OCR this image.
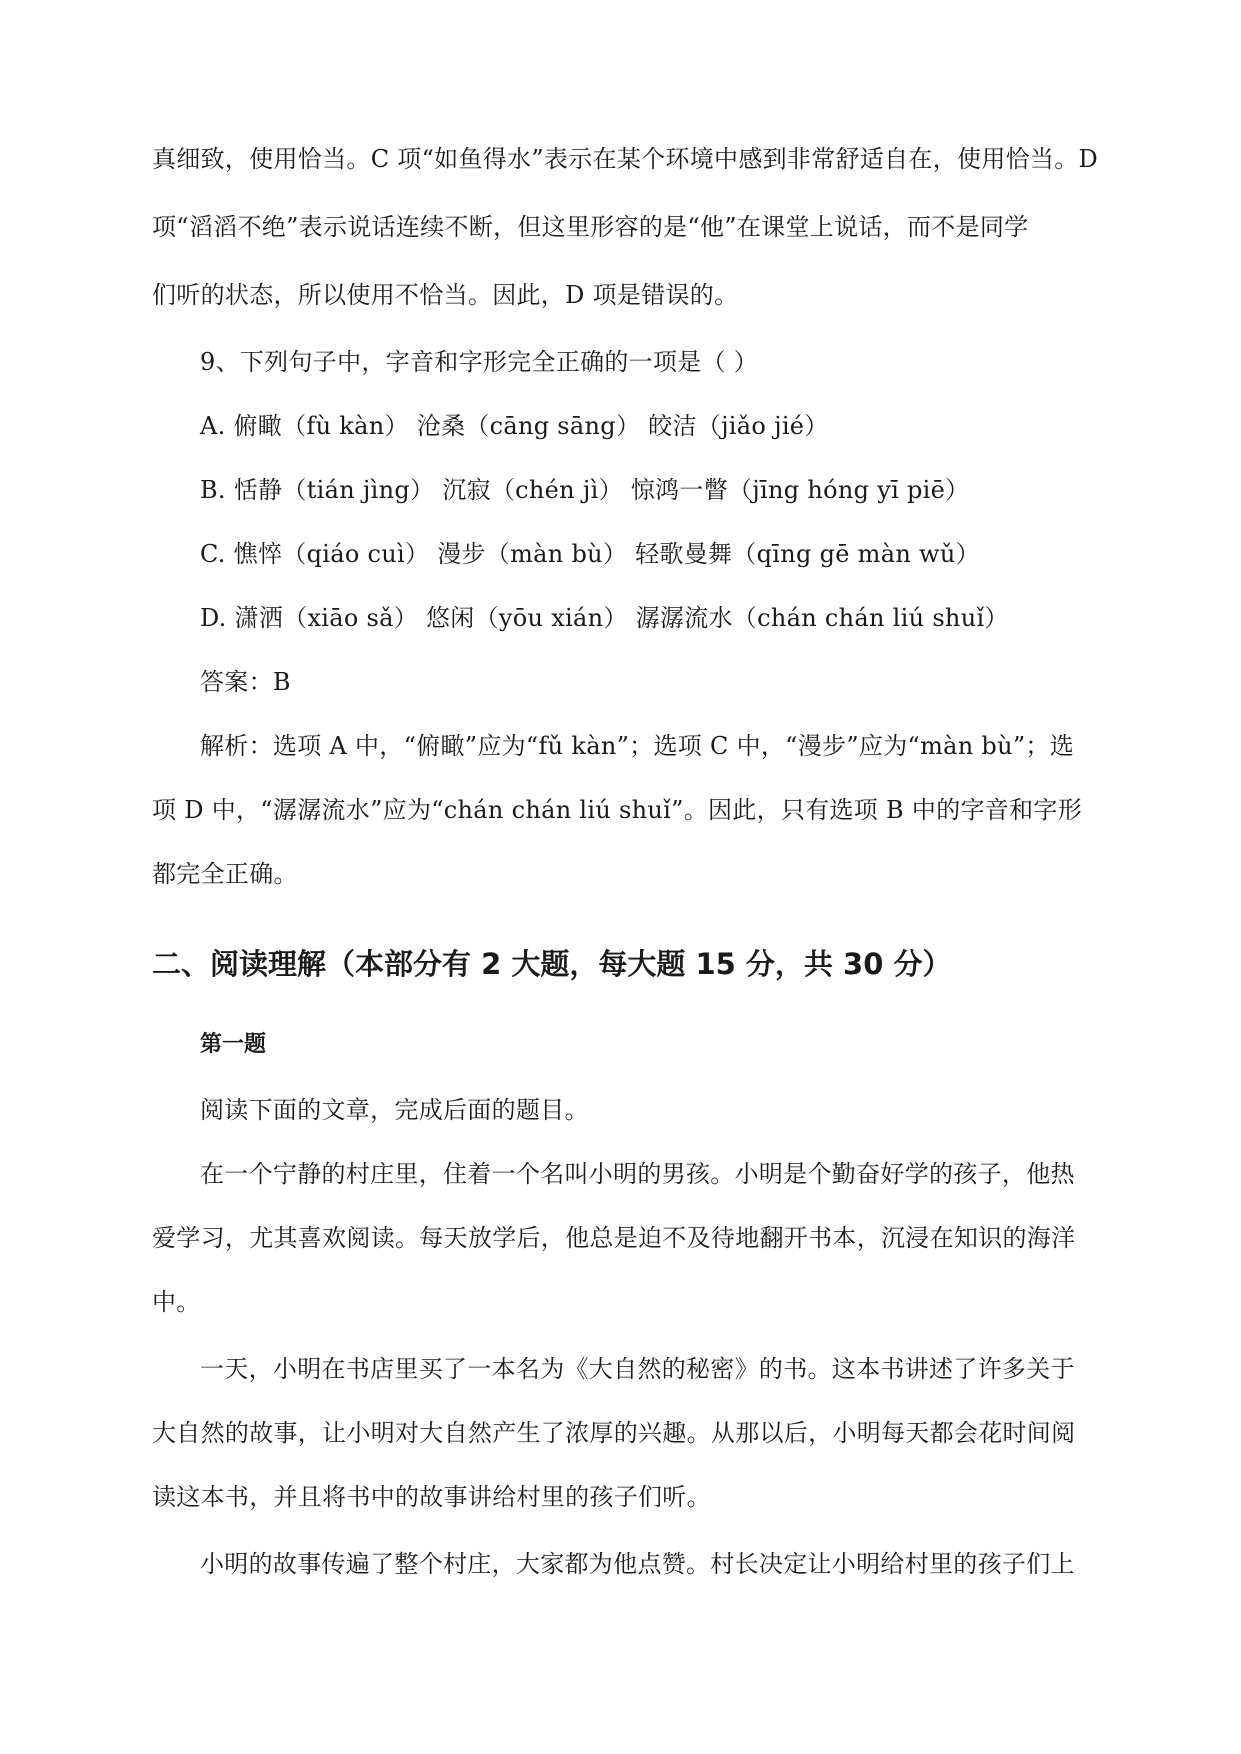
真细致，使用恰当。C 项“如鱼得水”表示在某个环境中感到非常舒适自在，使用恰当。D
项“滔滔不绝”表示说话连续不断，但这里形容的是“他”在课堂上说话，而不是同学
们听的状态，所以使用不恰当。因此，D 项是错误的。
9、下列句子中，字音和字形完全正确的一项是（ ）
A. 俯瞰（fù kàn） 沧桑（cāng sāng） 皎洁（jiǎo jié）
B. 恬静（tián jìng） 沉寂（chén jì） 惊鸿一瞥（jīng hóng yī piē）
C. 憔悴（qiáo cuì） 漫步（màn bù） 轻歌曼舞（qīng gē màn wǔ）
D. 潇洒（xiāo sǎ） 悠闲（yōu xián） 潺潺流水（chán chán liú shuǐ）
答案：B
解析：选项 A 中，“俯瞰”应为“fǔ kàn”；选项 C 中，“漫步”应为“màn bù”；选
项 D 中，“潺潺流水”应为“chán chán liú shuǐ”。因此，只有选项 B 中的字音和字形
都完全正确。
二、阅读理解（本部分有 2 大题，每大题 15 分，共 30 分）
第一题
阅读下面的文章，完成后面的题目。
在一个宁静的村庄里，住着一个名叫小明的男孩。小明是个勤奋好学的孩子，他热
爱学习，尤其喜欢阅读。每天放学后，他总是迫不及待地翻开书本，沉浸在知识的海洋
中。
一天，小明在书店里买了一本名为《大自然的秘密》的书。这本书讲述了许多关于
大自然的故事，让小明对大自然产生了浓厚的兴趣。从那以后，小明每天都会花时间阅
读这本书，并且将书中的故事讲给村里的孩子们听。
小明的故事传遍了整个村庄，大家都为他点赞。村长决定让小明给村里的孩子们上
